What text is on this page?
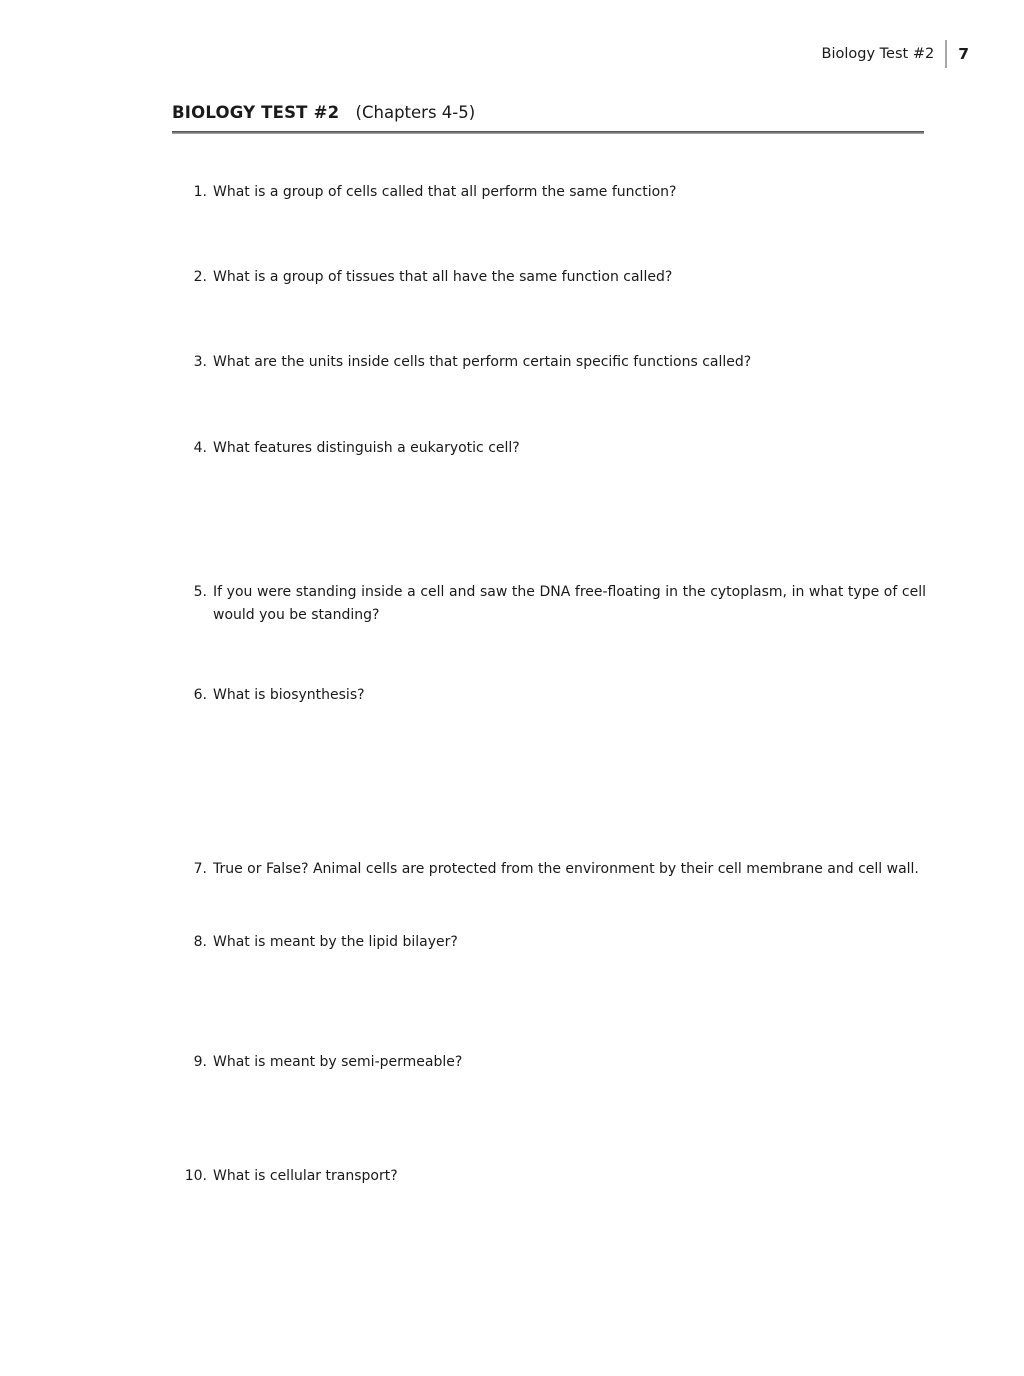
Biology Test #2 7
BIOLOGY TEST #2 (Chapters 4-5)
1. What is a group of cells called that all perform the same function?
2. What is a group of tissues that all have the same function called?
3. What are the units inside cells that perform certain specific functions called?
4. What features distinguish a eukaryotic cell?
5. If you were standing inside a cell and saw the DNA free-floating in the cytoplasm, in what type of cell would you be standing?
6. What is biosynthesis?
7. True or False? Animal cells are protected from the environment by their cell membrane and cell wall.
8. What is meant by the lipid bilayer?
9. What is meant by semi-permeable?
10. What is cellular transport?
